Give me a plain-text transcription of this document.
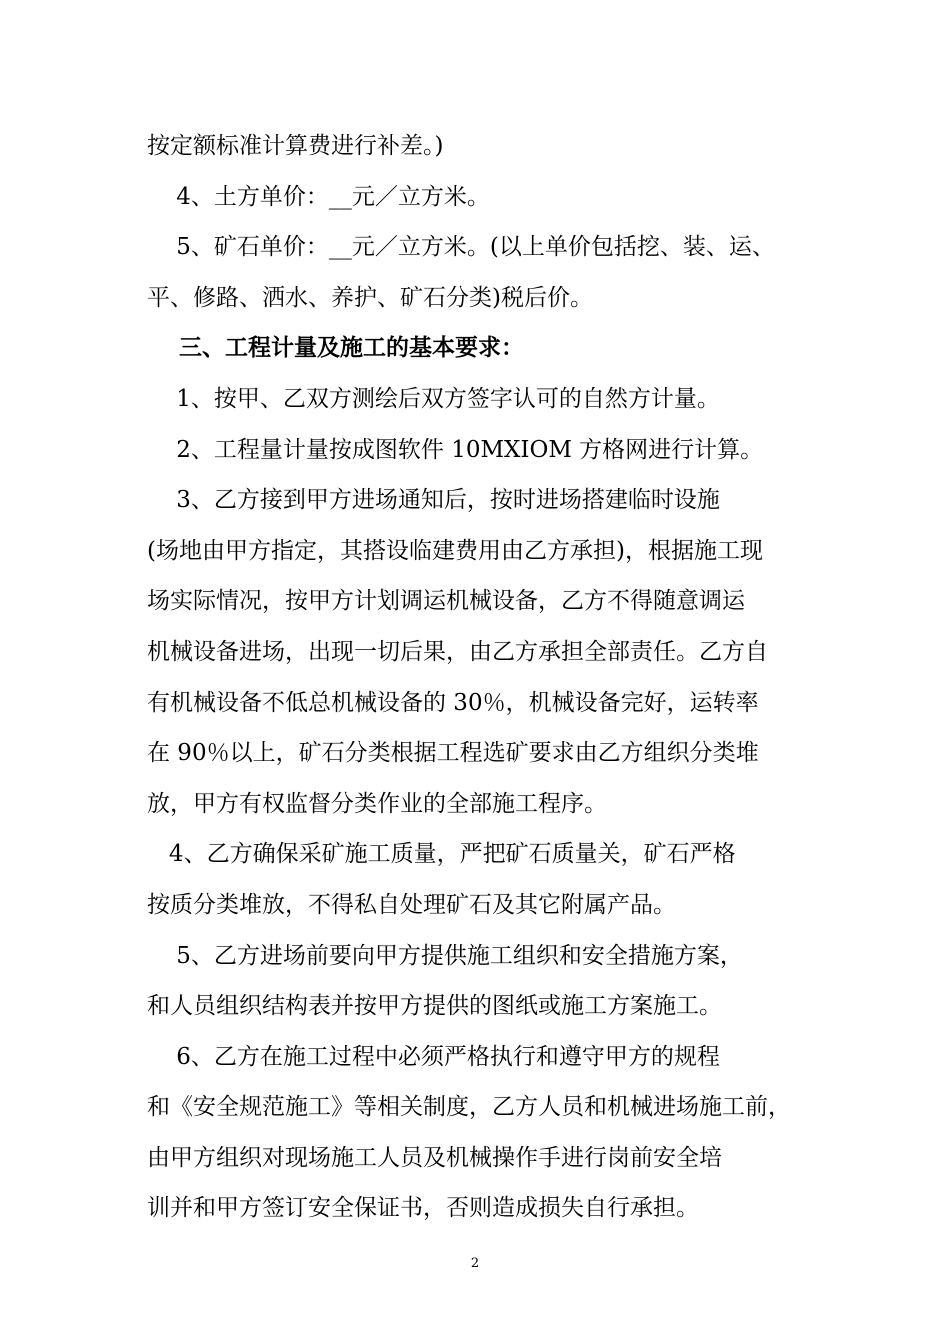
按定额标准计算费进行补差。)
4、土方单价：__元／立方米。
5、矿石单价：__元／立方米。(以上单价包括挖、装、运、
平、修路、洒水、养护、矿石分类)税后价。
三、工程计量及施工的基本要求：
1、按甲、乙双方测绘后双方签字认可的自然方计量。
2、工程量计量按成图软件 10MXIOM 方格网进行计算。
3、乙方接到甲方进场通知后，按时进场搭建临时设施
(场地由甲方指定，其搭设临建费用由乙方承担)，根据施工现
场实际情况，按甲方计划调运机械设备，乙方不得随意调运
机械设备进场，出现一切后果，由乙方承担全部责任。乙方自
有机械设备不低总机械设备的 30％，机械设备完好，运转率
在 90％以上，矿石分类根据工程选矿要求由乙方组织分类堆
放，甲方有权监督分类作业的全部施工程序。
4、乙方确保采矿施工质量，严把矿石质量关，矿石严格
按质分类堆放，不得私自处理矿石及其它附属产品。
5、乙方进场前要向甲方提供施工组织和安全措施方案，
和人员组织结构表并按甲方提供的图纸或施工方案施工。
6、乙方在施工过程中必须严格执行和遵守甲方的规程
和《安全规范施工》等相关制度，乙方人员和机械进场施工前，
由甲方组织对现场施工人员及机械操作手进行岗前安全培
训并和甲方签订安全保证书，否则造成损失自行承担。
2
